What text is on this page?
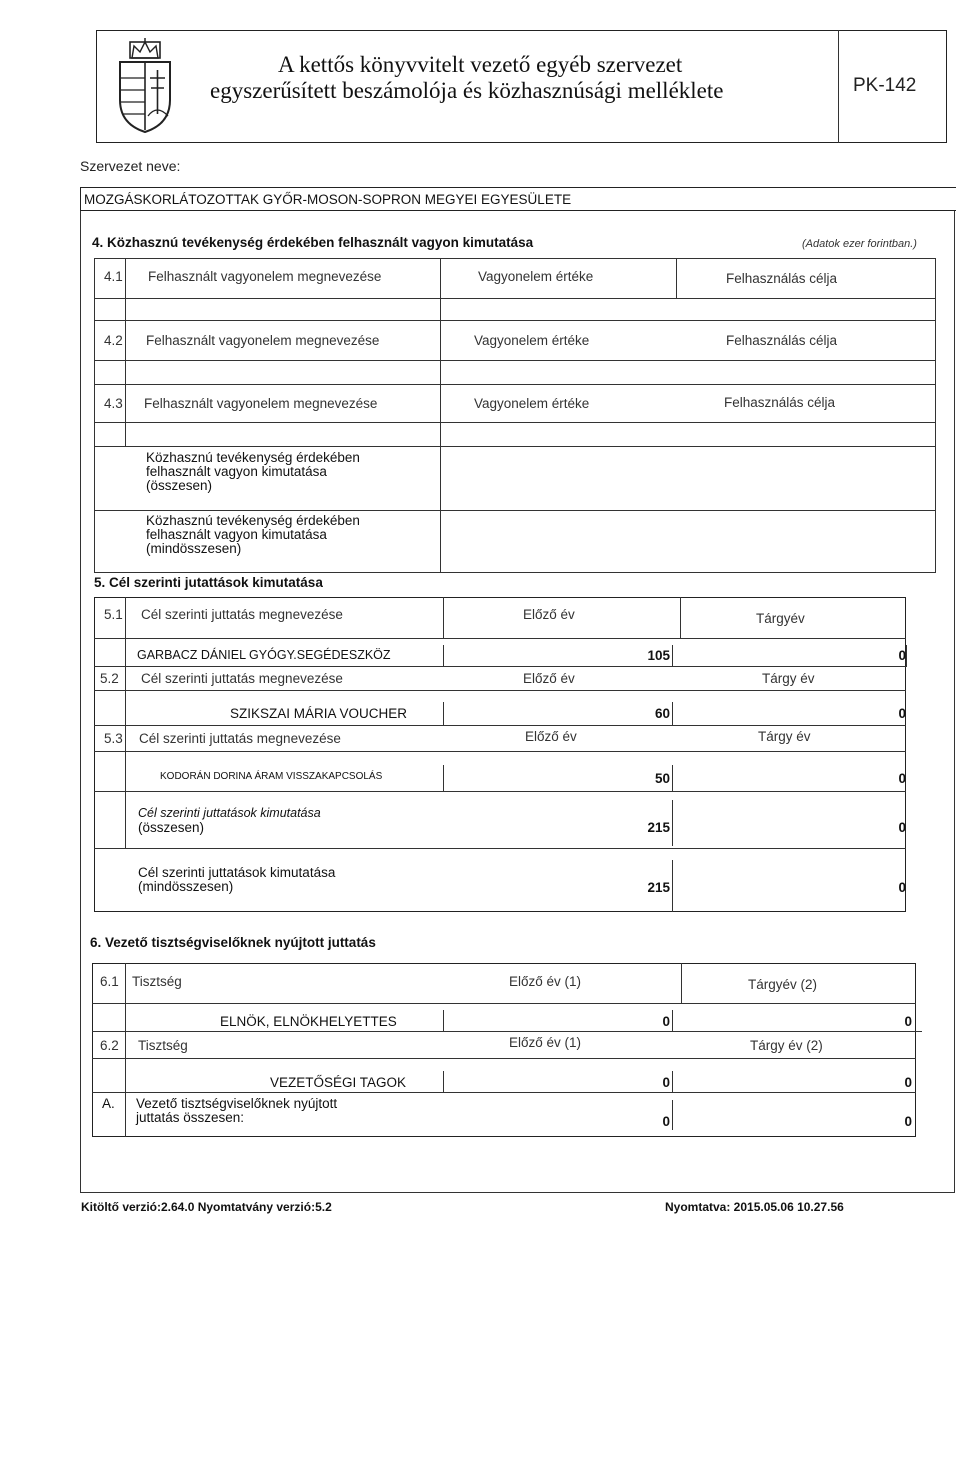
A kettős könyvvitelt vezető egyéb szervezet
egyszerűsített beszámolója és közhasznúsági melléklete	PK-142
Szervezet neve:
MOZGÁSKORLÁTOZOTTAK GYŐR-MOSON-SOPRON MEGYEI EGYESÜLETE
4. Közhasznú tevékenység érdekében felhasznált vagyon kimutatása	(Adatok ezer forintban.)
4.1 Felhasznált vagyonelem megnevezése	Vagyonelem értéke	Felhasználás célja
4.2 Felhasznált vagyonelem megnevezése	Vagyonelem értéke	Felhasználás célja
4.3 Felhasznált vagyonelem megnevezése	Vagyonelem értéke	Felhasználás célja
Közhasznú tevékenység érdekében
felhasznált vagyon kimutatása
(összesen)
Közhasznú tevékenység érdekében
felhasznált vagyon kimutatása
(mindösszesen)
5. Cél szerinti jutattások kimutatása
5.1 Cél szerinti juttatás megnevezése	Előző év	Tárgyév
GARBACZ DÁNIEL GYÓGY.SEGÉDESZKÖZ	105	0
5.2 Cél szerinti juttatás megnevezése	Előző év	Tárgy év
SZIKSZAI MÁRIA VOUCHER	60	0
5.3 Cél szerinti juttatás megnevezése	Előző év	Tárgy év
KODORÁN DORINA ÁRAM VISSZAKAPCSOLÁS	50	0
Cél szerinti juttatások kimutatása
(összesen)	215	0
Cél szerinti juttatások kimutatása
(mindösszesen)	215	0
6. Vezető tisztségviselőknek nyújtott juttatás
6.1 Tisztség	Előző év (1)	Tárgyév (2)
ELNÖK, ELNÖKHELYETTES	0	0
6.2 Tisztség	Előző év (1)	Tárgy év (2)
VEZETŐSÉGI TAGOK	0	0
A. Vezető tisztségviselőknek nyújtott
juttatás összesen:	0	0
Kitöltő verzió:2.64.0 Nyomtatvány verzió:5.2	Nyomtatva: 2015.05.06 10.27.56
